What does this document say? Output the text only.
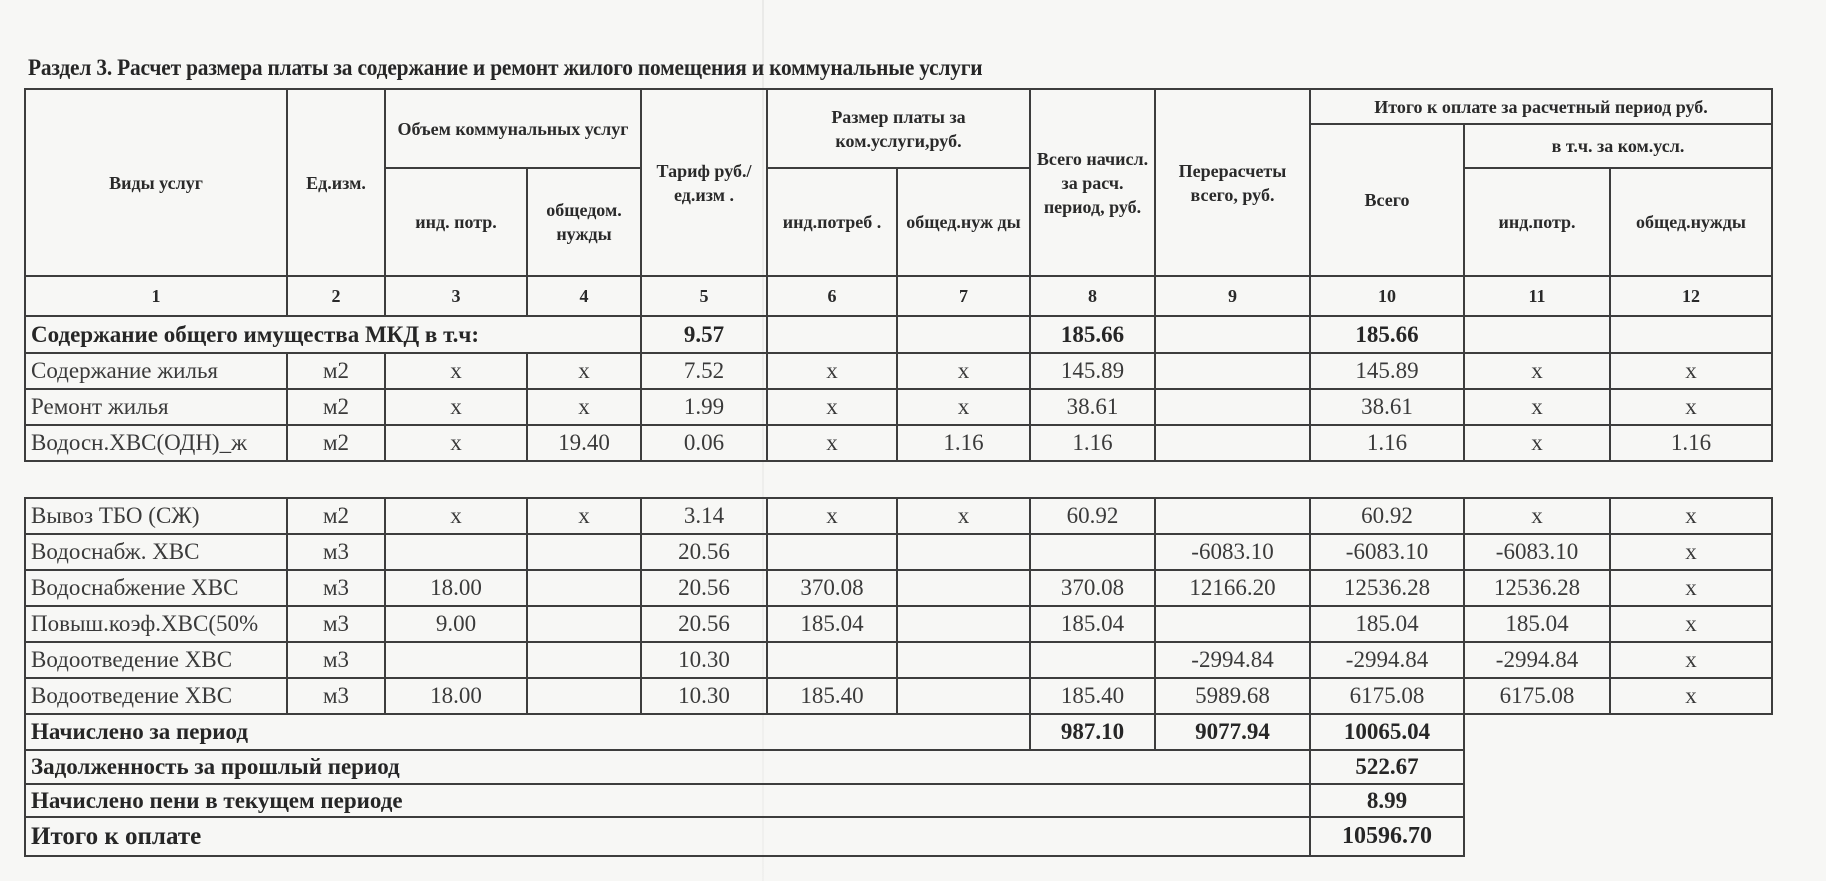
Раздел 3. Расчет размера платы за содержание и ремонт жилого помещения и коммунальные услуги
Виды услуг	Ед.изм.	Объем коммунальных услуг		Тариф руб./ед.изм .	Размер платы за ком.услуги,руб.		Всего начисл. за расч. период, руб.	Перерасчеты всего, руб.	Итого к оплате за расчетный период руб.		
									Всего	в т.ч. за ком.усл.	
		инд. потр.	общедом. нужды		инд.потреб .	общед.нуж ды				инд.потр.	общед.нужды
1	2	3	4	5	6	7	8	9	10	11	12
Содержание общего имущества МКД в т.ч:				9.57			185.66		185.66		
Содержание жилья	м2	x	x	7.52	x	x	145.89		145.89	x	x
Ремонт жилья	м2	x	x	1.99	x	x	38.61		38.61	x	x
Водосн.ХВС(ОДН)_ж	м2	x	19.40	0.06	x	1.16	1.16		1.16	x	1.16
Вывоз ТБО (СЖ)	м2	x	x	3.14	x	x	60.92		60.92	x	x
Водоснабж. ХВС	м3			20.56				-6083.10	-6083.10	-6083.10	x
Водоснабжение ХВС	м3	18.00		20.56	370.08		370.08	12166.20	12536.28	12536.28	x
Повыш.коэф.ХВС(50%	м3	9.00		20.56	185.04		185.04		185.04	185.04	x
Водоотведение ХВС	м3			10.30				-2994.84	-2994.84	-2994.84	x
Водоотведение ХВС	м3	18.00		10.30	185.40		185.40	5989.68	6175.08	6175.08	x
Начислено за период							987.10	9077.94	10065.04		
Задолженность за прошлый период									522.67		
Начислено пени в текущем периоде									8.99		
Итого к оплате									10596.70		
